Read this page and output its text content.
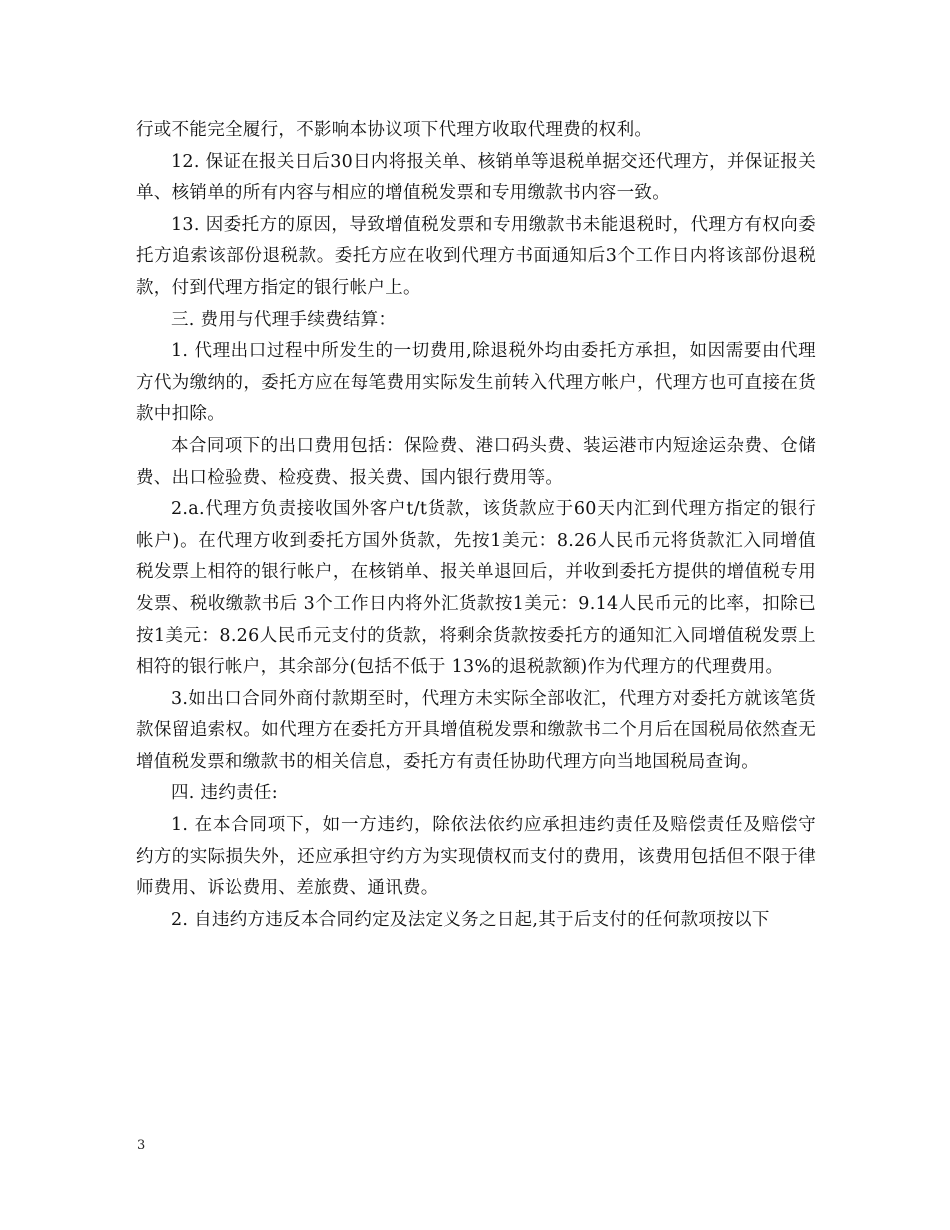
行或不能完全履行，不影响本协议项下代理方收取代理费的权利。

12. 保证在报关日后30日内将报关单、核销单等退税单据交还代理方，并保证报关单、核销单的所有内容与相应的增值税发票和专用缴款书内容一致。

13. 因委托方的原因，导致增值税发票和专用缴款书未能退税时，代理方有权向委托方追索该部份退税款。委托方应在收到代理方书面通知后3个工作日内将该部份退税款，付到代理方指定的银行帐户上。

三. 费用与代理手续费结算：

1. 代理出口过程中所发生的一切费用,除退税外均由委托方承担，如因需要由代理方代为缴纳的，委托方应在每笔费用实际发生前转入代理方帐户，代理方也可直接在货款中扣除。

本合同项下的出口费用包括：保险费、港口码头费、装运港市内短途运杂费、仓储费、出口检验费、检疫费、报关费、国内银行费用等。

2.a.代理方负责接收国外客户t/t货款，该货款应于60天内汇到代理方指定的银行帐户)。在代理方收到委托方国外货款，先按1美元：8.26人民币元将货款汇入同增值税发票上相符的银行帐户，在核销单、报关单退回后，并收到委托方提供的增值税专用发票、税收缴款书后 3个工作日内将外汇货款按1美元：9.14人民币元的比率，扣除已按1美元：8.26人民币元支付的货款，将剩余货款按委托方的通知汇入同增值税发票上相符的银行帐户，其余部分(包括不低于 13%的退税款额)作为代理方的代理费用。

3.如出口合同外商付款期至时，代理方未实际全部收汇，代理方对委托方就该笔货款保留追索权。如代理方在委托方开具增值税发票和缴款书二个月后在国税局依然查无增值税发票和缴款书的相关信息，委托方有责任协助代理方向当地国税局查询。

四. 违约责任:

1. 在本合同项下，如一方违约，除依法依约应承担违约责任及赔偿责任及赔偿守约方的实际损失外，还应承担守约方为实现债权而支付的费用，该费用包括但不限于律师费用、诉讼费用、差旅费、通讯费。

2. 自违约方违反本合同约定及法定义务之日起,其于后支付的任何款项按以下

3
